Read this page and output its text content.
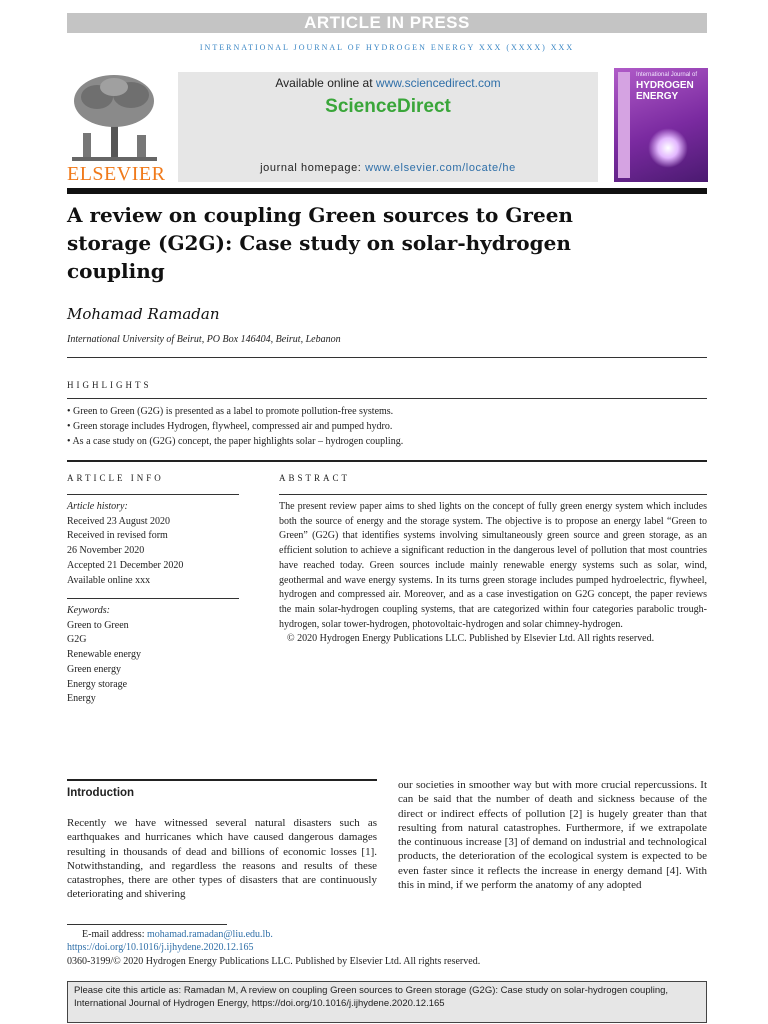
ARTICLE IN PRESS
INTERNATIONAL JOURNAL OF HYDROGEN ENERGY XXX (XXXX) XXX
ELSEVIER
Available online at www.sciencedirect.com
ScienceDirect
journal homepage: www.elsevier.com/locate/he
International Journal of
HYDROGEN
ENERGY
A review on coupling Green sources to Green storage (G2G): Case study on solar-hydrogen coupling
Mohamad Ramadan
International University of Beirut, PO Box 146404, Beirut, Lebanon
HIGHLIGHTS
• Green to Green (G2G) is presented as a label to promote pollution-free systems.
• Green storage includes Hydrogen, flywheel, compressed air and pumped hydro.
• As a case study on (G2G) concept, the paper highlights solar – hydrogen coupling.
ARTICLE INFO
Article history:
Received 23 August 2020
Received in revised form
26 November 2020
Accepted 21 December 2020
Available online xxx
Keywords:
Green to Green
G2G
Renewable energy
Green energy
Energy storage
Energy
ABSTRACT
The present review paper aims to shed lights on the concept of fully green energy system which includes both the source of energy and the storage system. The objective is to propose an energy label “Green to Green” (G2G) that identifies systems involving simultaneously green source and green storage, as an efficient solution to achieve a significant reduction in the dangerous level of pollution that most countries have reached today. Green sources include mainly renewable energy systems such as solar, wind, geothermal and wave energy systems. In its turns green storage includes pumped hydroelectric, flywheel, hydrogen and compressed air. Moreover, and as a case investigation on G2G concept, the paper reviews the main solar-hydrogen coupling systems, that are categorized within four categories parabolic trough-hydrogen, solar tower-hydrogen, photovoltaic-hydrogen and solar chimney-hydrogen.
© 2020 Hydrogen Energy Publications LLC. Published by Elsevier Ltd. All rights reserved.
Introduction
Recently we have witnessed several natural disasters such as earthquakes and hurricanes which have caused dangerous damages resulting in thousands of dead and billions of economic losses [1]. Notwithstanding, and regardless the reasons and results of these catastrophes, there are other types of disasters that are continuously deteriorating and shivering
our societies in smoother way but with more crucial repercussions. It can be said that the number of death and sickness because of the direct or indirect effects of pollution [2] is hugely greater than that resulting from natural catastrophes. Furthermore, if we extrapolate the continuous increase [3] of demand on industrial and technological products, the deterioration of the ecological system is expected to be even faster since it reflects the increase in energy demand [4]. With this in mind, if we perform the anatomy of any adopted
E-mail address: mohamad.ramadan@liu.edu.lb.
https://doi.org/10.1016/j.ijhydene.2020.12.165
0360-3199/© 2020 Hydrogen Energy Publications LLC. Published by Elsevier Ltd. All rights reserved.
Please cite this article as: Ramadan M, A review on coupling Green sources to Green storage (G2G): Case study on solar-hydrogen coupling, International Journal of Hydrogen Energy, https://doi.org/10.1016/j.ijhydene.2020.12.165
